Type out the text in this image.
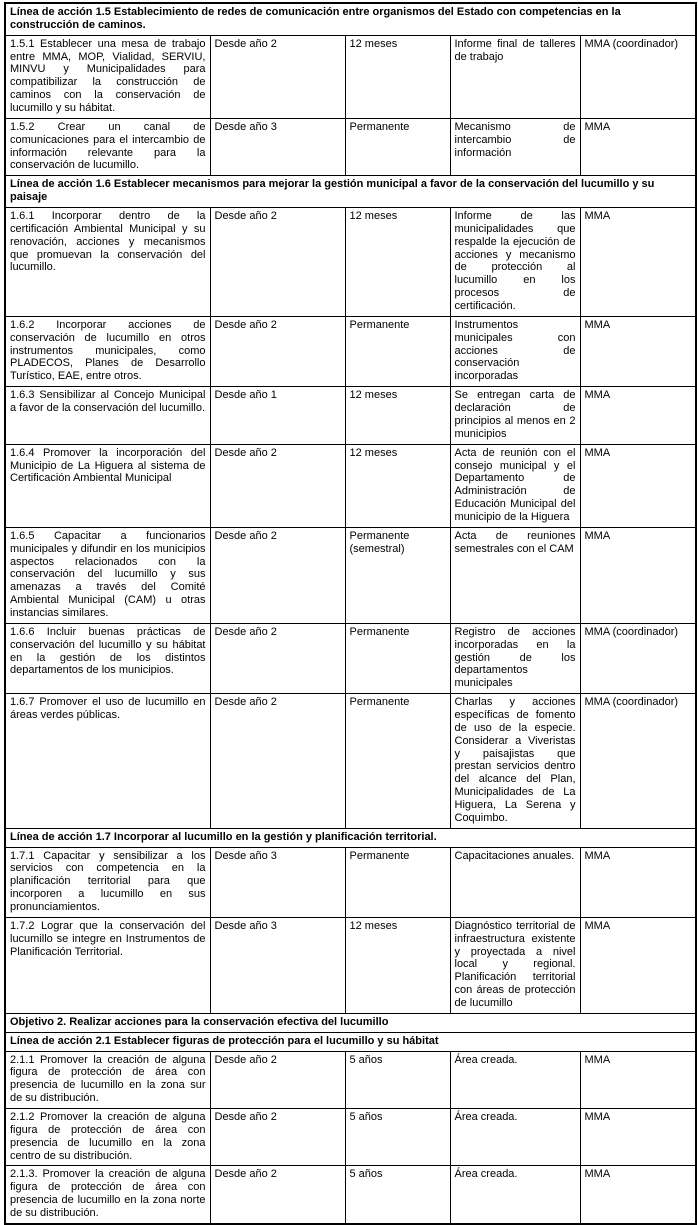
Línea de acción 1.5 Establecimiento de redes de comunicación entre organismos del Estado con competencias en la construcción de caminos.				
1.5.1 Establecer una mesa de trabajo entre MMA, MOP, Vialidad, SERVIU, MINVU y Municipalidades para compatibilizar la construcción de caminos con la conservación de lucumillo y su hábitat.	Desde año 2	12 meses	Informe final de talleres de trabajo	MMA (coordinador)
1.5.2 Crear un canal de comunicaciones para el intercambio de información relevante para la conservación de lucumillo.	Desde año 3	Permanente	Mecanismo de intercambio de información	MMA
Línea de acción 1.6 Establecer mecanismos para mejorar la gestión municipal a favor de la conservación del lucumillo y su paisaje				
1.6.1 Incorporar dentro de la certificación Ambiental Municipal y su renovación, acciones y mecanismos que promuevan la conservación del lucumillo.	Desde año 2	12 meses	Informe de las municipalidades que respalde la ejecución de acciones y mecanismo de protección al lucumillo en los procesos de certificación.	MMA
1.6.2 Incorporar acciones de conservación de lucumillo en otros instrumentos municipales, como PLADECOS, Planes de Desarrollo Turístico, EAE, entre otros.	Desde año 2	Permanente	Instrumentos municipales con acciones de conservación incorporadas	MMA
1.6.3 Sensibilizar al Concejo Municipal a favor de la conservación del lucumillo.	Desde año 1	12 meses	Se entregan carta de declaración de principios al menos en 2 municipios	MMA
1.6.4 Promover la incorporación del Municipio de La Higuera al sistema de Certificación Ambiental Municipal	Desde año 2	12 meses	Acta de reunión con el consejo municipal y el Departamento de Administración de Educación Municipal del municipio de la Higuera	MMA
1.6.5 Capacitar a funcionarios municipales y difundir en los municipios aspectos relacionados con la conservación del lucumillo y sus amenazas a través del Comité Ambiental Municipal (CAM) u otras instancias similares.	Desde año 2	Permanente (semestral)	Acta de reuniones semestrales con el CAM	MMA
1.6.6 Incluir buenas prácticas de conservación del lucumillo y su hábitat en la gestión de los distintos departamentos de los municipios.	Desde año 2	Permanente	Registro de acciones incorporadas en la gestión de los departamentos municipales	MMA (coordinador)
1.6.7 Promover el uso de lucumillo en áreas verdes públicas.	Desde año 2	Permanente	Charlas y acciones específicas de fomento de uso de la especie. Considerar a Viveristas y paisajistas que prestan servicios dentro del alcance del Plan, Municipalidades de La Higuera, La Serena y Coquimbo.	MMA (coordinador)
Línea de acción 1.7 Incorporar al lucumillo en la gestión y planificación territorial.				
1.7.1 Capacitar y sensibilizar a los servicios con competencia en la planificación territorial para que incorporen a lucumillo en sus pronunciamientos.	Desde año 3	Permanente	Capacitaciones anuales.	MMA
1.7.2 Lograr que la conservación del lucumillo se integre en Instrumentos de Planificación Territorial.	Desde año 3	12 meses	Diagnóstico territorial de infraestructura existente y proyectada a nivel local y regional. Planificación territorial con áreas de protección de lucumillo	MMA
Objetivo 2. Realizar acciones para la conservación efectiva del lucumillo				
Línea de acción 2.1 Establecer figuras de protección para el lucumillo y su hábitat				
2.1.1 Promover la creación de alguna figura de protección de área con presencia de lucumillo en la zona sur de su distribución.	Desde año 2	5 años	Área creada.	MMA
2.1.2 Promover la creación de alguna figura de protección de área con presencia de lucumillo en la zona centro de su distribución.	Desde año 2	5 años	Área creada.	MMA
2.1.3. Promover la creación de alguna figura de protección de área con presencia de lucumillo en la zona norte de su distribución.	Desde año 2	5 años	Área creada.	MMA
